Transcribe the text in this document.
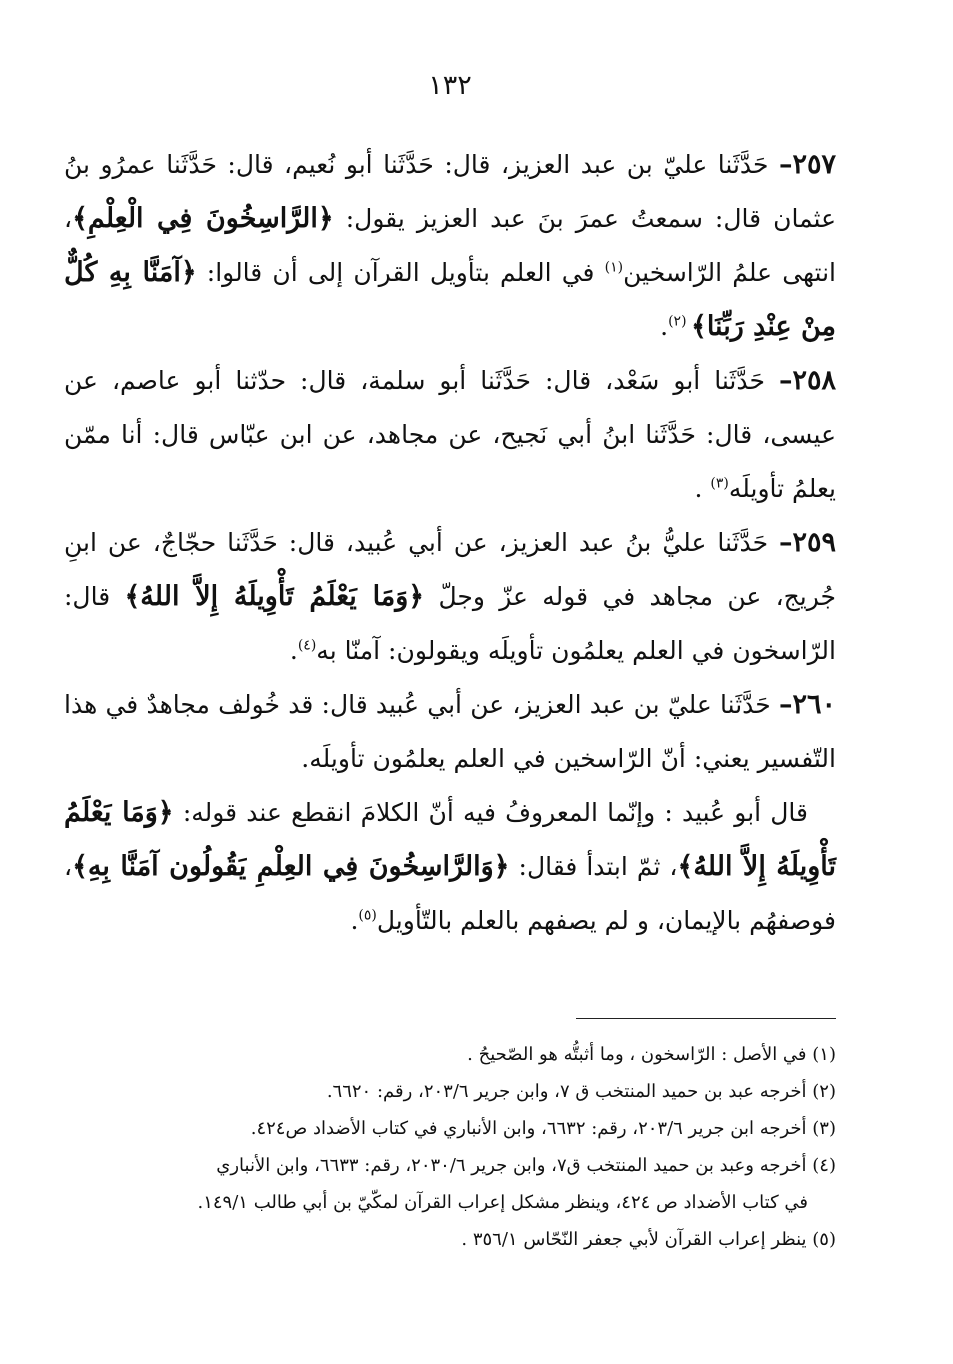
١٣٢

٢٥٧– حَدَّثَنا عليّ بن عبد العزيز، قال: حَدَّثَنا أبو نُعيم، قال: حَدَّثَنا عمرُو بنُ عثمان قال: سمعتُ عمرَ بنَ عبد العزيز يقول: ﴿الرَّاسِخُونَ فِي الْعِلْمِ﴾، انتهى علمُ الرّاسخين$^{(١)}$ في العلم بتأويل القرآن إلى أن قالوا: ﴿آمَنَّا بِهِ كُلٌّ مِنْ عِنْدِ رَبِّنَا﴾ $^{(٢)}$.

٢٥٨– حَدَّثَنا أبو سَعْد، قال: حَدَّثَنا أبو سلمة، قال: حدّثنا أبو عاصم، عن عيسى، قال: حَدَّثَنا ابنُ أبي نَجيح، عن مجاهد، عن ابن عبّاس قال: أنا ممّن يعلمُ تأويلَه$^{(٣)}$ .

٢٥٩– حَدَّثَنا عليُّ بنُ عبد العزيز، عن أبي عُبيد، قال: حَدَّثَنا حجّاجٌ، عن ابنِ جُريج، عن مجاهد في قوله عزّ وجلّ ﴿وَمَا يَعْلَمُ تَأْوِيلَهُ إِلاَّ اللهُ﴾ قال: الرّاسخون في العلم يعلمُون تأويلَه ويقولون: آمنّا به$^{(٤)}$.

٢٦٠– حَدَّثَنا عليّ بن عبد العزيز، عن أبي عُبيد قال: قد خُولف مجاهدٌ في هذا التّفسير يعني: أنّ الرّاسخين في العلم يعلمُون تأويلَه.

قال أبو عُبيد : وإنّما المعروفُ فيه أنّ الكلامَ انقطع عند قوله: ﴿وَمَا يَعْلَمُ تَأْوِيلَهُ إِلاَّ اللهُ﴾، ثمّ ابتدأ فقال: ﴿وَالرَّاسِخُونَ فِي العِلْمِ يَقُولُون آمَنَّا بِهِ﴾، فوصفهُم بالإيمان، و لم يصفهم بالعلم بالتّأويل$^{(٥)}$.

(١) في الأصل : الرّاسخون ، وما أثبتُّه هو الصّحيحُ .

(٢) أخرجه عبد بن حميد المنتخب ق ٧، وابن جرير ٢٠٣/٦، رقم: ٦٦٢٠.

(٣) أخرجه ابن جرير ٢٠٣/٦، رقم: ٦٦٣٢، وابن الأنباري في كتاب الأضداد ص٤٢٤.

(٤) أخرجه وعبد بن حميد المنتخب ق٧، وابن جرير ٢٠٣٠/٦، رقم: ٦٦٣٣، وابن الأنباري

في كتاب الأضداد ص ٤٢٤، وينظر مشكل إعراب القرآن لمكّيّ بن أبي طالب ١٤٩/١.

(٥) ينظر إعراب القرآن لأبي جعفر النّحّاس ٣٥٦/١ .
